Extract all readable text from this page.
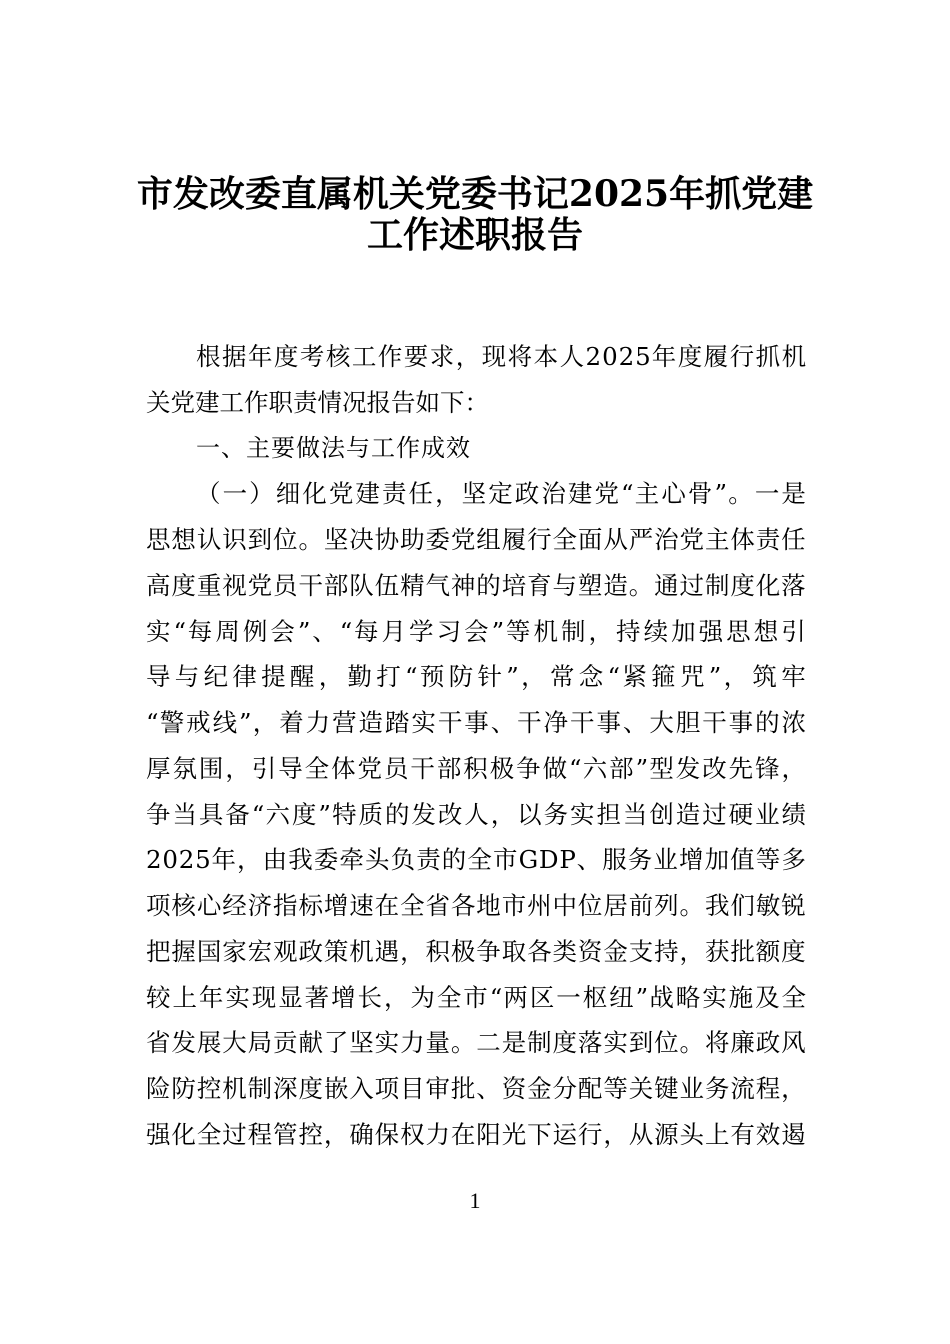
市发改委直属机关党委书记2025年抓党建
工作述职报告
根 据 年 度 考 核 工 作 要 求 ， 现 将 本 人 2 0 2 5 年 度 履 行 抓 机
关党建工作职责情况报告如下：
一、主要做法与工作成效
（ 一 ） 细 化 党 建 责 任 ， 坚 定 政 治 建 党 “ 主 心 骨 ” 。 一 是
思 想 认 识 到 位 。 坚 决 协 助 委 党 组 履 行 全 面 从 严 治 党 主 体 责 任
高 度 重 视 党 员 干 部 队 伍 精 气 神 的 培 育 与 塑 造 。 通 过 制 度 化 落
实 “ 每 周 例 会 ” 、 “ 每 月 学 习 会 ” 等 机 制 ， 持 续 加 强 思 想 引
导 与 纪 律 提 醒 ， 勤 打 “ 预 防 针 ” ， 常 念 “ 紧 箍 咒 ” ， 筑 牢
“ 警 戒 线 ” ， 着 力 营 造 踏 实 干 事 、 干 净 干 事 、 大 胆 干 事 的 浓
厚 氛 围 ， 引 导 全 体 党 员 干 部 积 极 争 做 “ 六 部 ” 型 发 改 先 锋 ，
争 当 具 备 “ 六 度 ” 特 质 的 发 改 人 ， 以 务 实 担 当 创 造 过 硬 业 绩
2 0 2 5 年 ， 由 我 委 牵 头 负 责 的 全 市 G D P 、 服 务 业 增 加 值 等 多
项 核 心 经 济 指 标 增 速 在 全 省 各 地 市 州 中 位 居 前 列 。 我 们 敏 锐
把 握 国 家 宏 观 政 策 机 遇 ， 积 极 争 取 各 类 资 金 支 持 ， 获 批 额 度
较 上 年 实 现 显 著 增 长 ， 为 全 市 “ 两 区 一 枢 纽 ” 战 略 实 施 及 全
省 发 展 大 局 贡 献 了 坚 实 力 量 。 二 是 制 度 落 实 到 位 。 将 廉 政 风
险 防 控 机 制 深 度 嵌 入 项 目 审 批 、 资 金 分 配 等 关 键 业 务 流 程 ，
强 化 全 过 程 管 控 ， 确 保 权 力 在 阳 光 下 运 行 ， 从 源 头 上 有 效 遏
1
